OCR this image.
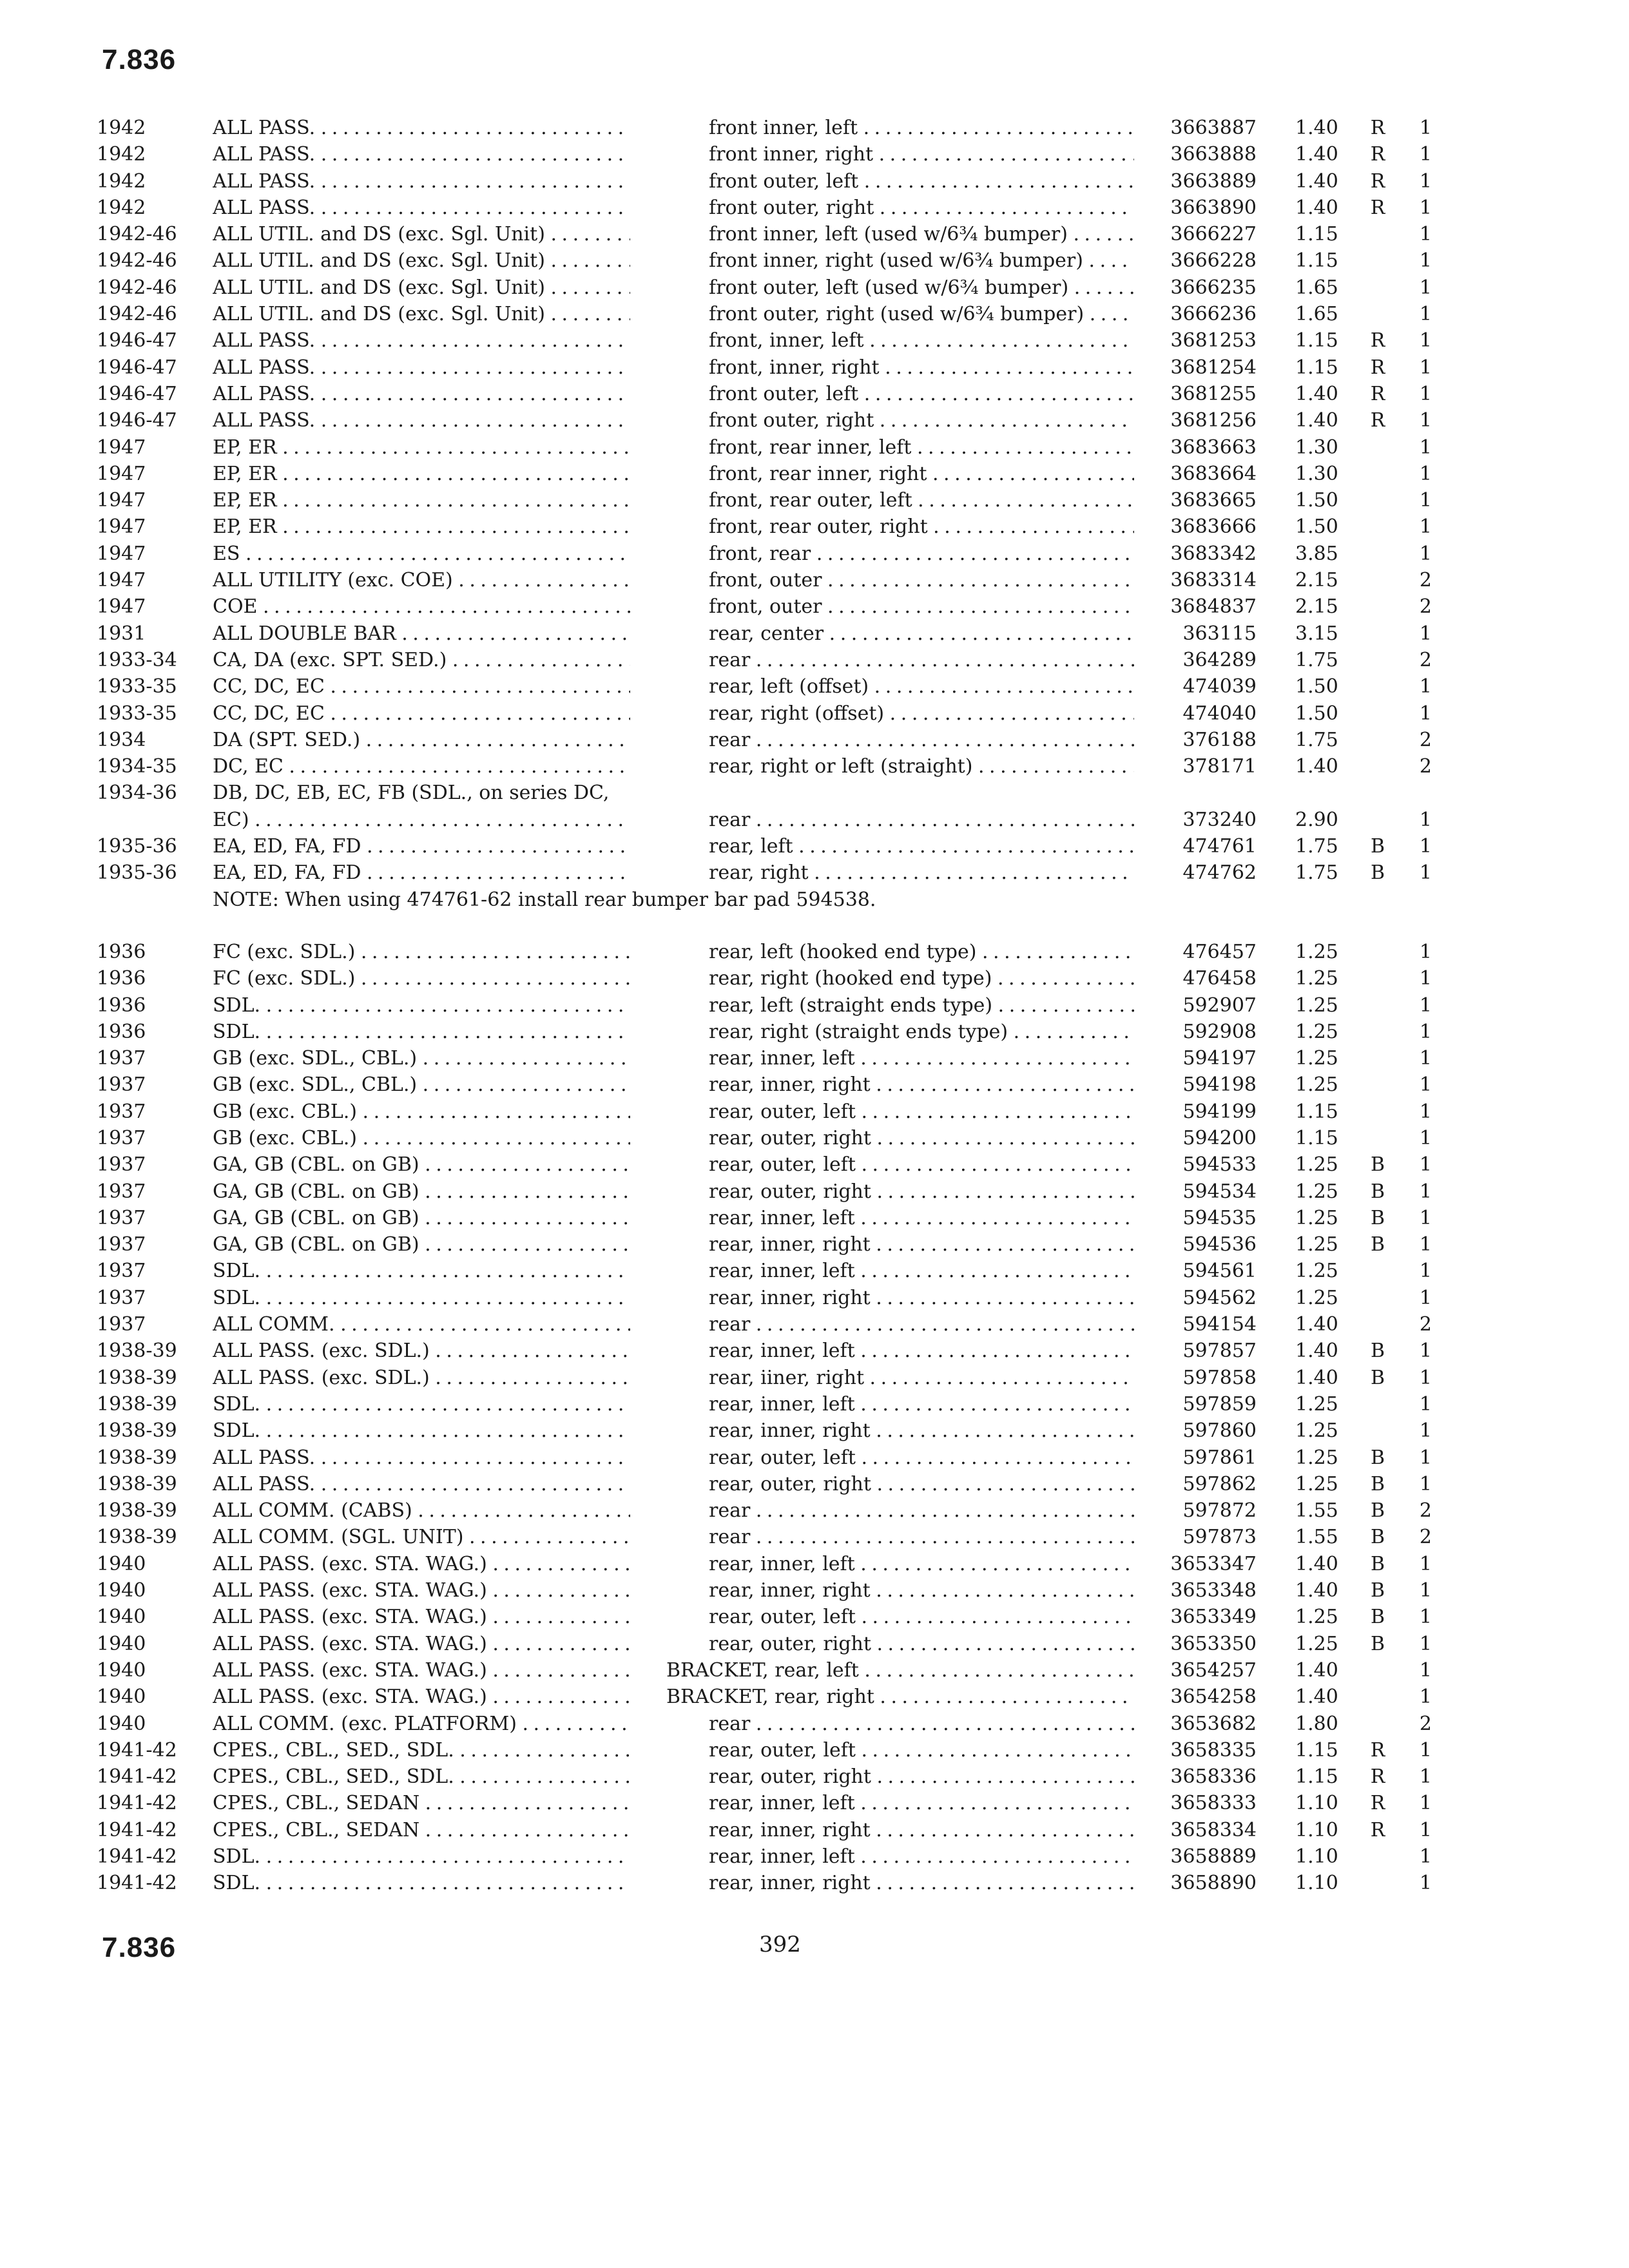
7.836
1942	ALL PASS. . . .	front inner, left . . .	3663887 1.40	R	1
1942	ALL PASS. . . .	front inner, right . . .	3663888 1.40	R	1
1942	ALL PASS. . . .	front outer, left . . .	3663889 1.40	R	1
1942	ALL PASS. . . .	front outer, right . . .	3663890 1.40	R	1
1942-46	ALL UTIL. and DS (exc. Sgl. Unit) . . .	front inner, left (used w/6¾ bumper) . . .	3666227 1.15	1
1942-46	ALL UTIL. and DS (exc. Sgl. Unit) . . .	front inner, right (used w/6¾ bumper) . . .	3666228 1.15	1
1942-46	ALL UTIL. and DS (exc. Sgl. Unit) . . .	front outer, left (used w/6¾ bumper) . . .	3666235 1.65	1
1942-46	ALL UTIL. and DS (exc. Sgl. Unit) . . .	front outer, right (used w/6¾ bumper) . . .	3666236 1.65	1
1946-47	ALL PASS. . . .	front, inner, left . . .	3681253 1.15	R	1
1946-47	ALL PASS. . . .	front, inner, right . . .	3681254 1.15	R	1
1946-47	ALL PASS. . . .	front outer, left . . .	3681255 1.40	R	1
1946-47	ALL PASS. . . .	front outer, right . . .	3681256 1.40	R	1
1947	EP, ER . . .	front, rear inner, left . . .	3683663 1.30	1
1947	EP, ER . . .	front, rear inner, right . . .	3683664 1.30	1
1947	EP, ER . . .	front, rear outer, left . . .	3683665 1.50	1
1947	EP, ER . . .	front, rear outer, right . . .	3683666 1.50	1
1947	ES . . .	front, rear . . .	3683342 3.85	1
1947	ALL UTILITY (exc. COE) . . .	front, outer . . .	3683314 2.15	2
1947	COE . . .	front, outer . . .	3684837 2.15	2
1931	ALL DOUBLE BAR . . .	rear, center . . .	363115 3.15	1
1933-34	CA, DA (exc. SPT. SED.) . . .	rear . . .	364289 1.75	2
1933-35	CC, DC, EC . . .	rear, left (offset) . . .	474039 1.50	1
1933-35	CC, DC, EC . . .	rear, right (offset) . . .	474040 1.50	1
1934	DA (SPT. SED.) . . .	rear . . .	376188 1.75	2
1934-35	DC, EC . . .	rear, right or left (straight) . . .	378171 1.40	2
1934-36	DB, DC, EB, EC, FB (SDL., on series DC,
EC) . . .	rear . . .	373240 2.90	1
1935-36	EA, ED, FA, FD . . .	rear, left . . .	474761 1.75	B	1
1935-36	EA, ED, FA, FD . . .	rear, right . . .	474762 1.75	B	1
NOTE: When using 474761-62 install rear bumper bar pad 594538.
1936	FC (exc. SDL.) . . .	rear, left (hooked end type) . . .	476457 1.25	1
1936	FC (exc. SDL.) . . .	rear, right (hooked end type) . . .	476458 1.25	1
1936	SDL. . . .	rear, left (straight ends type) . . .	592907 1.25	1
1936	SDL. . . .	rear, right (straight ends type) . . .	592908 1.25	1
1937	GB (exc. SDL., CBL.) . . .	rear, inner, left . . .	594197 1.25	1
1937	GB (exc. SDL., CBL.) . . .	rear, inner, right . . .	594198 1.25	1
1937	GB (exc. CBL.) . . .	rear, outer, left . . .	594199 1.15	1
1937	GB (exc. CBL.) . . .	rear, outer, right . . .	594200 1.15	1
1937	GA, GB (CBL. on GB) . . .	rear, outer, left . . .	594533 1.25	B	1
1937	GA, GB (CBL. on GB) . . .	rear, outer, right . . .	594534 1.25	B	1
1937	GA, GB (CBL. on GB) . . .	rear, inner, left . . .	594535 1.25	B	1
1937	GA, GB (CBL. on GB) . . .	rear, inner, right . . .	594536 1.25	B	1
1937	SDL. . . .	rear, inner, left . . .	594561 1.25	1
1937	SDL. . . .	rear, inner, right . . .	594562 1.25	1
1937	ALL COMM. . . .	rear . . .	594154 1.40	2
1938-39	ALL PASS. (exc. SDL.) . . .	rear, inner, left . . .	597857 1.40	B	1
1938-39	ALL PASS. (exc. SDL.) . . .	rear, iiner, right . . .	597858 1.40	B	1
1938-39	SDL. . . .	rear, inner, left . . .	597859 1.25	1
1938-39	SDL. . . .	rear, inner, right . . .	597860 1.25	1
1938-39	ALL PASS. . . .	rear, outer, left . . .	597861 1.25	B	1
1938-39	ALL PASS. . . .	rear, outer, right . . .	597862 1.25	B	1
1938-39	ALL COMM. (CABS) . . .	rear . . .	597872 1.55	B	2
1938-39	ALL COMM. (SGL. UNIT) . . .	rear . . .	597873 1.55	B	2
1940	ALL PASS. (exc. STA. WAG.) . . .	rear, inner, left . . .	3653347 1.40	B	1
1940	ALL PASS. (exc. STA. WAG.) . . .	rear, inner, right . . .	3653348 1.40	B	1
1940	ALL PASS. (exc. STA. WAG.) . . .	rear, outer, left . . .	3653349 1.25	B	1
1940	ALL PASS. (exc. STA. WAG.) . . .	rear, outer, right . . .	3653350 1.25	B	1
1940	ALL PASS. (exc. STA. WAG.) . . .	BRACKET, rear, left . . .	3654257 1.40	1
1940	ALL PASS. (exc. STA. WAG.) . . .	BRACKET, rear, right . . .	3654258 1.40	1
1940	ALL COMM. (exc. PLATFORM) . . .	rear . . .	3653682 1.80	2
1941-42	CPES., CBL., SED., SDL. . . .	rear, outer, left . . .	3658335 1.15	R	1
1941-42	CPES., CBL., SED., SDL. . . .	rear, outer, right . . .	3658336 1.15	R	1
1941-42	CPES., CBL., SEDAN . . .	rear, inner, left . . .	3658333 1.10	R	1
1941-42	CPES., CBL., SEDAN . . .	rear, inner, right . . .	3658334 1.10	R	1
1941-42	SDL. . . .	rear, inner, left . . .	3658889 1.10	1
1941-42	SDL. . . .	rear, inner, right . . .	3658890 1.10	1
7.836	392
